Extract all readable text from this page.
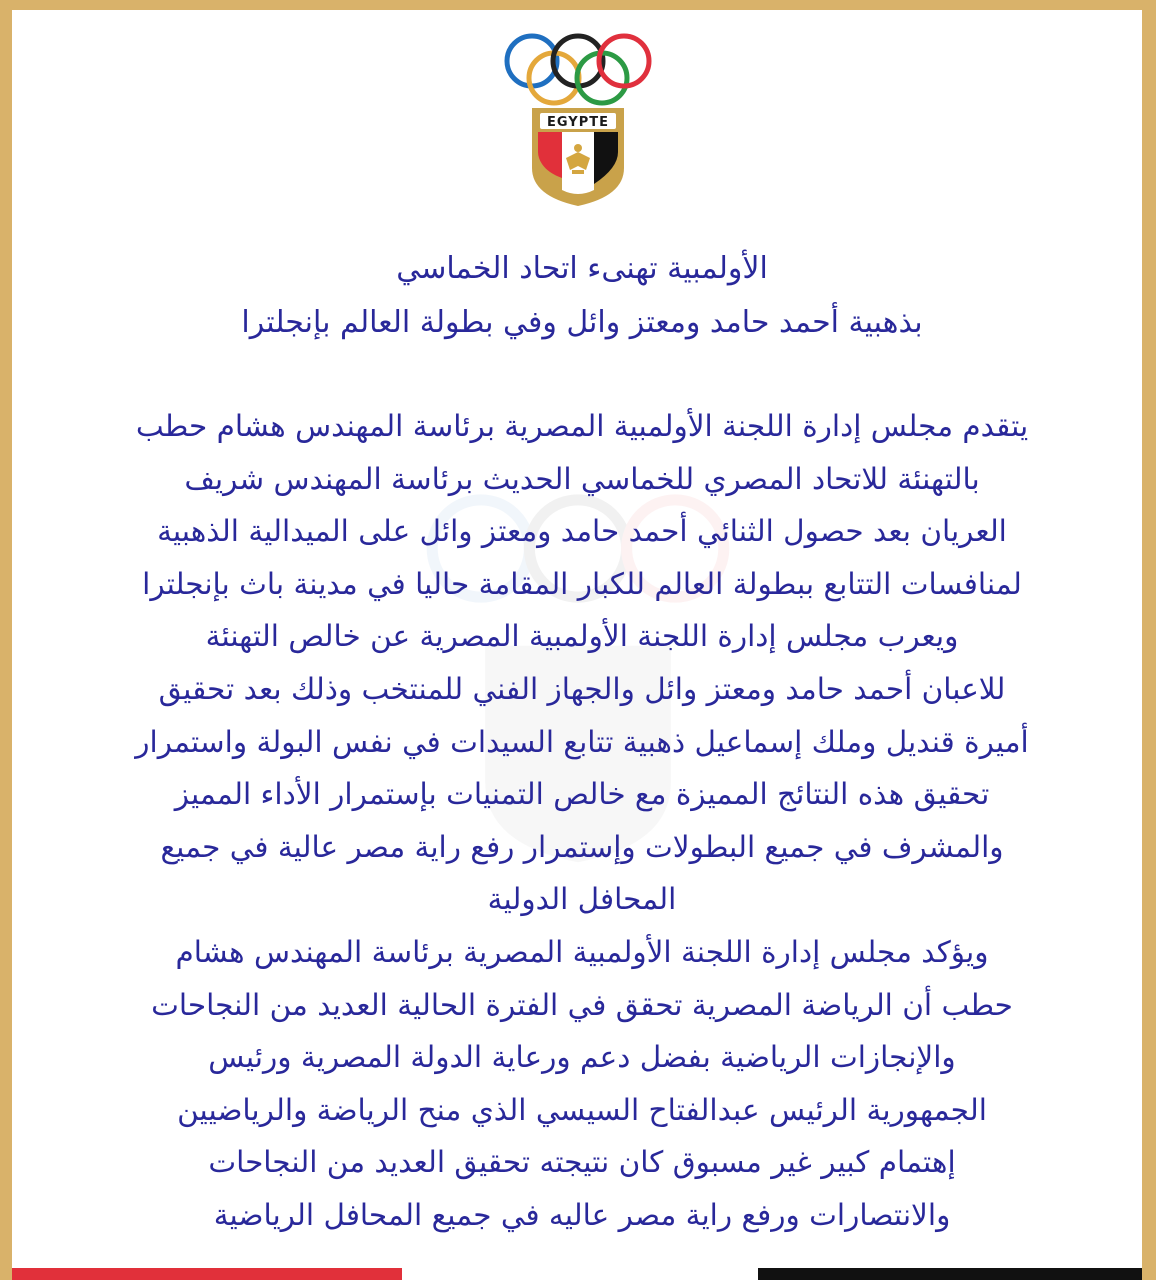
EGYPTE
الأولمبية تهنىء اتحاد الخماسي
بذهبية أحمد حامد ومعتز وائل وفي بطولة العالم بإنجلترا
يتقدم مجلس إدارة اللجنة الأولمبية المصرية برئاسة المهندس هشام حطب
بالتهنئة للاتحاد المصري للخماسي الحديث برئاسة المهندس شريف
العريان بعد حصول الثنائي أحمد حامد ومعتز وائل على الميدالية الذهبية
لمنافسات التتابع ببطولة العالم للكبار المقامة حاليا في مدينة باث بإنجلترا
ويعرب مجلس إدارة اللجنة الأولمبية المصرية عن خالص التهنئة
للاعبان أحمد حامد ومعتز وائل والجهاز الفني للمنتخب وذلك بعد تحقيق
أميرة قنديل وملك إسماعيل ذهبية تتابع السيدات في نفس البولة واستمرار
تحقيق هذه النتائج المميزة مع خالص التمنيات بإستمرار الأداء المميز
والمشرف في جميع البطولات وإستمرار رفع راية مصر عالية في جميع
المحافل الدولية
ويؤكد مجلس إدارة اللجنة الأولمبية المصرية برئاسة المهندس هشام
حطب أن الرياضة المصرية تحقق في الفترة الحالية العديد من النجاحات
والإنجازات الرياضية بفضل دعم ورعاية الدولة المصرية ورئيس
الجمهورية الرئيس عبدالفتاح السيسي الذي منح الرياضة والرياضيين
إهتمام كبير غير مسبوق كان نتيجته تحقيق العديد من النجاحات
والانتصارات ورفع راية مصر عاليه في جميع المحافل الرياضية
